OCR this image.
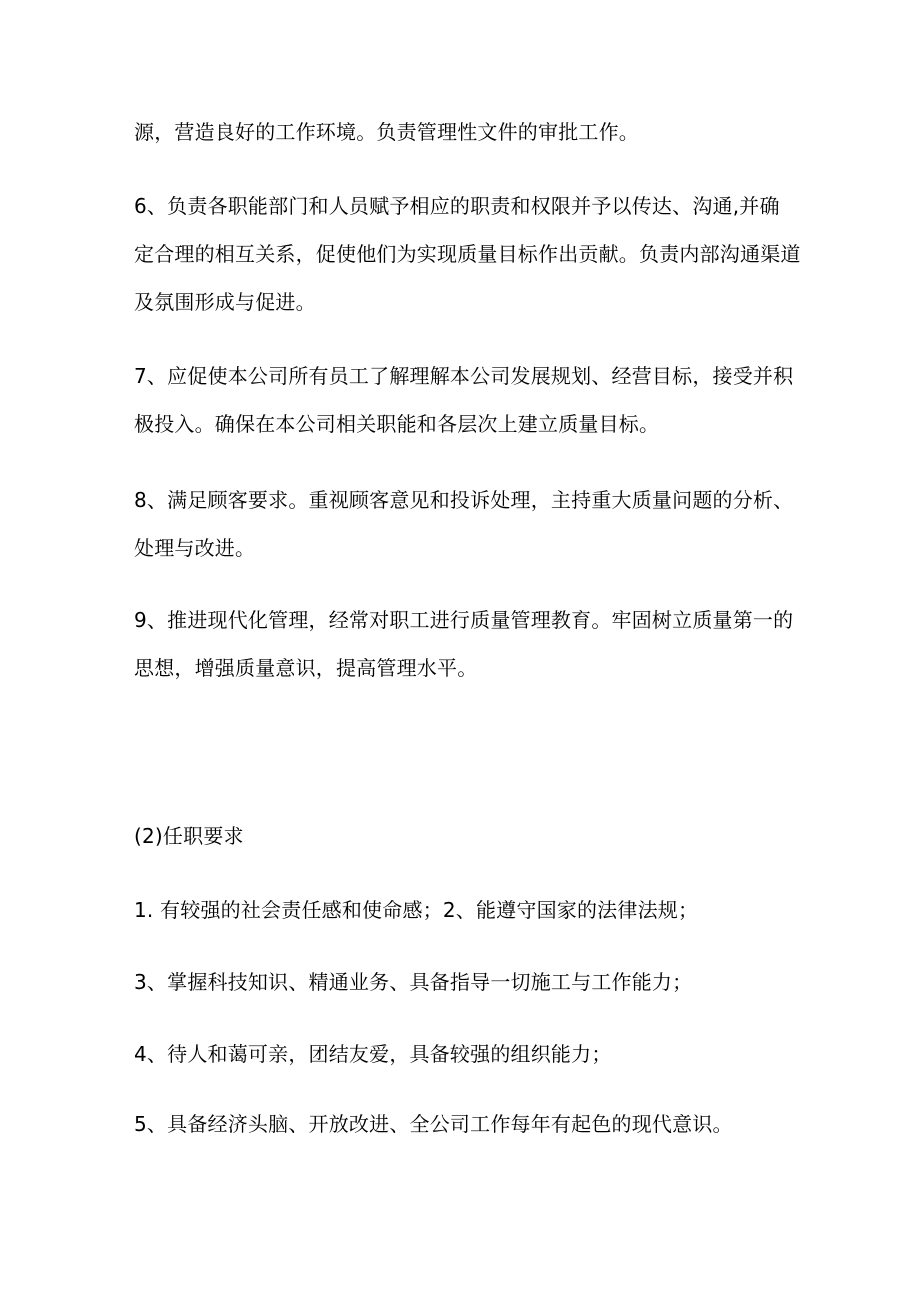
源，营造良好的工作环境。负责管理性文件的审批工作。

6、负责各职能部门和人员赋予相应的职责和权限并予以传达、沟通,并确

定合理的相互关系，促使他们为实现质量目标作出贡献。负责内部沟通渠道

及氛围形成与促进。

7、应促使本公司所有员工了解理解本公司发展规划、经营目标，接受并积

极投入。确保在本公司相关职能和各层次上建立质量目标。

8、满足顾客要求。重视顾客意见和投诉处理，主持重大质量问题的分析、

处理与改进。

9、推进现代化管理，经常对职工进行质量管理教育。牢固树立质量第一的

思想，增强质量意识，提高管理水平。

(2)任职要求

1. 有较强的社会责任感和使命感；2、能遵守国家的法律法规；

3、掌握科技知识、精通业务、具备指导一切施工与工作能力；

4、待人和蔼可亲，团结友爱，具备较强的组织能力；

5、具备经济头脑、开放改进、全公司工作每年有起色的现代意识。
